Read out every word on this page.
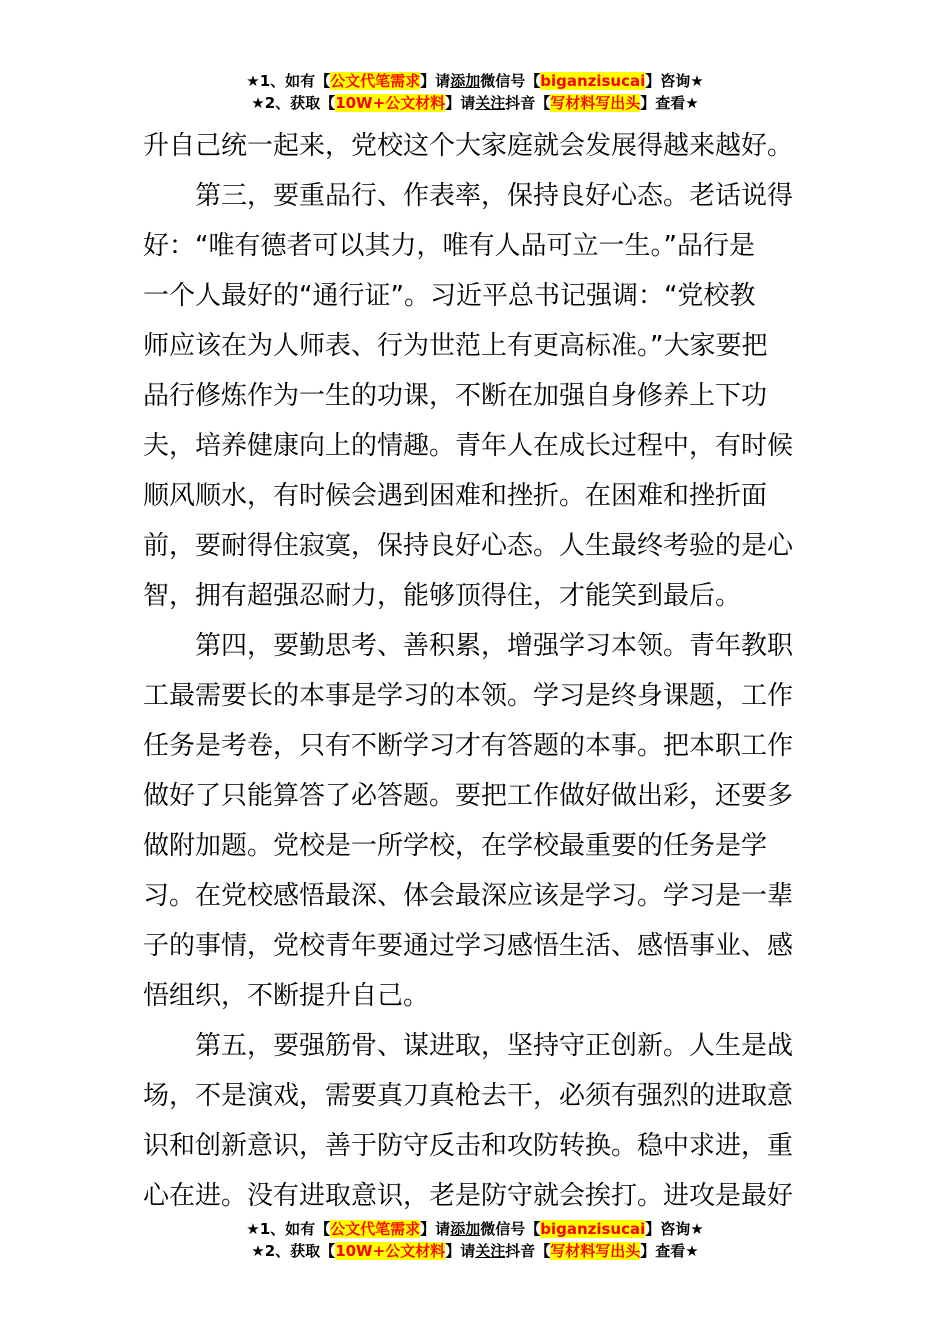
★1、如有【公文代笔需求】请添加微信号【biganzisucai】咨询★
★2、获取【10W+公文材料】请关注抖音【写材料写出头】查看★
升自己统一起来，党校这个大家庭就会发展得越来越好。
第三，要重品行、作表率，保持良好心态。老话说得
好：“唯有德者可以其力，唯有人品可立一生。”品行是
一个人最好的“通行证”。习近平总书记强调：“党校教
师应该在为人师表、行为世范上有更高标准。”大家要把
品行修炼作为一生的功课，不断在加强自身修养上下功
夫，培养健康向上的情趣。青年人在成长过程中，有时候
顺风顺水，有时候会遇到困难和挫折。在困难和挫折面
前，要耐得住寂寞，保持良好心态。人生最终考验的是心
智，拥有超强忍耐力，能够顶得住，才能笑到最后。
第四，要勤思考、善积累，增强学习本领。青年教职
工最需要长的本事是学习的本领。学习是终身课题，工作
任务是考卷，只有不断学习才有答题的本事。把本职工作
做好了只能算答了必答题。要把工作做好做出彩，还要多
做附加题。党校是一所学校，在学校最重要的任务是学
习。在党校感悟最深、体会最深应该是学习。学习是一辈
子的事情，党校青年要通过学习感悟生活、感悟事业、感
悟组织，不断提升自己。
第五，要强筋骨、谋进取，坚持守正创新。人生是战
场，不是演戏，需要真刀真枪去干，必须有强烈的进取意
识和创新意识，善于防守反击和攻防转换。稳中求进，重
心在进。没有进取意识，老是防守就会挨打。进攻是最好
★1、如有【公文代笔需求】请添加微信号【biganzisucai】咨询★
★2、获取【10W+公文材料】请关注抖音【写材料写出头】查看★
